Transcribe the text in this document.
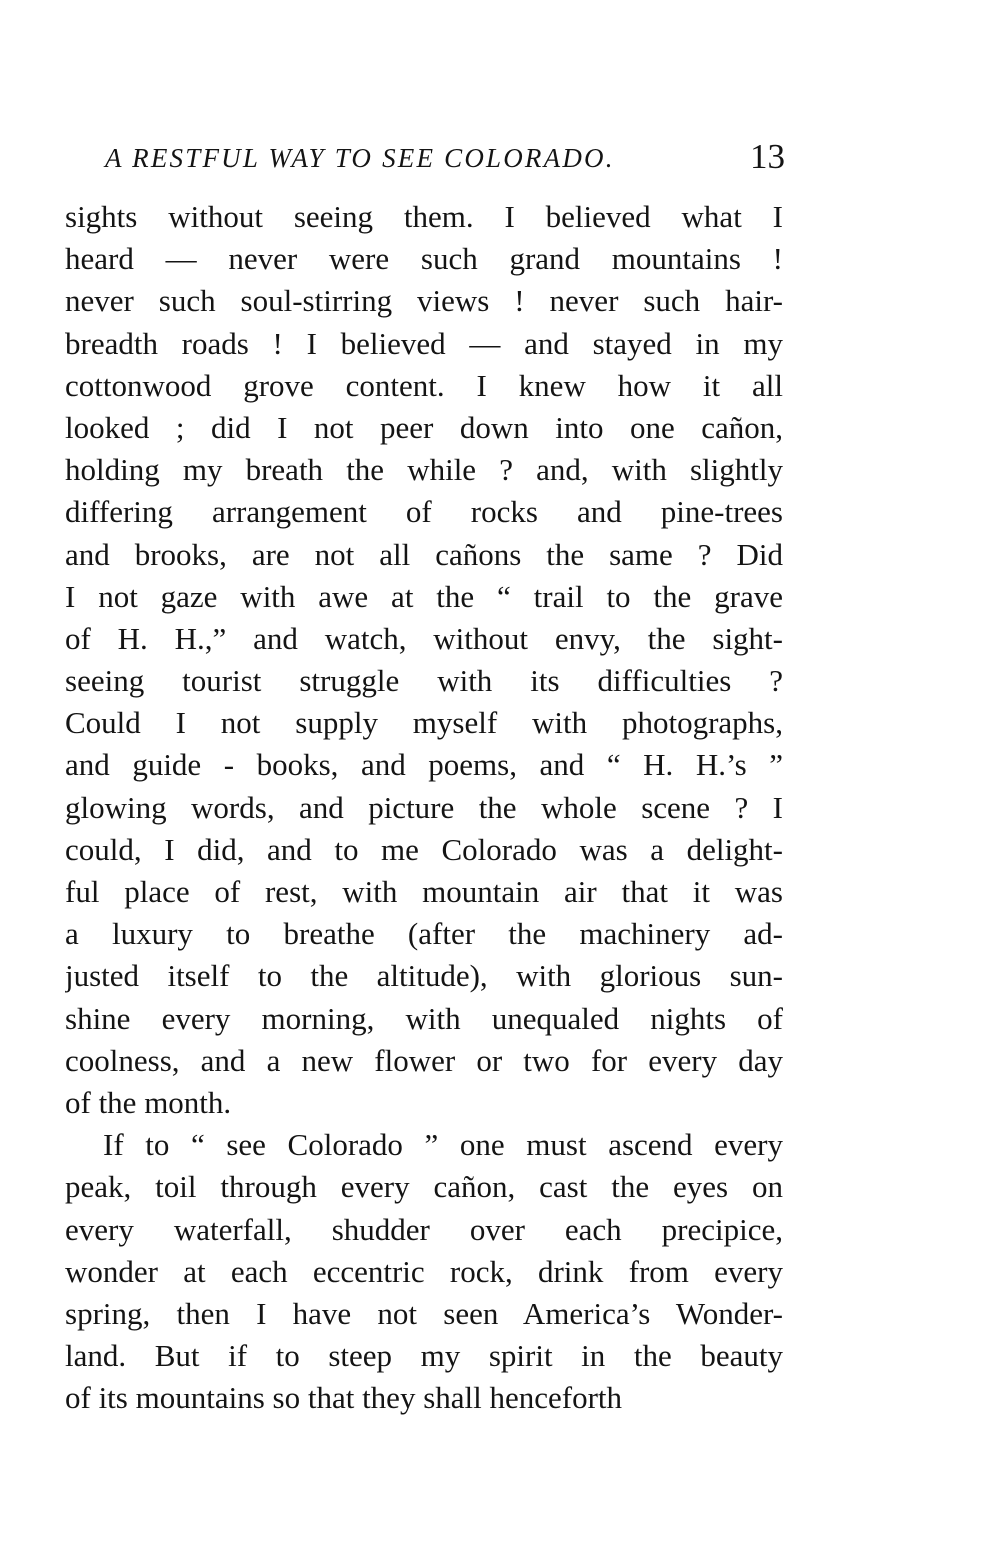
A RESTFUL WAY TO SEE COLORADO.	13
sights without seeing them. I believed what I
heard — never were such grand mountains !
never such soul-stirring views ! never such hair-
breadth roads ! I believed — and stayed in my
cottonwood grove content. I knew how it all
looked ; did I not peer down into one cañon,
holding my breath the while ? and, with slightly
differing arrangement of rocks and pine-trees
and brooks, are not all cañons the same ? Did
I not gaze with awe at the “ trail to the grave
of H. H.,” and watch, without envy, the sight-
seeing tourist struggle with its difficulties ?
Could I not supply myself with photographs,
and guide - books, and poems, and “ H. H.’s ”
glowing words, and picture the whole scene ? I
could, I did, and to me Colorado was a delight-
ful place of rest, with mountain air that it was
a luxury to breathe (after the machinery ad-
justed itself to the altitude), with glorious sun-
shine every morning, with unequaled nights of
coolness, and a new flower or two for every day
of the month.
If to “ see Colorado ” one must ascend every
peak, toil through every cañon, cast the eyes on
every waterfall, shudder over each precipice,
wonder at each eccentric rock, drink from every
spring, then I have not seen America’s Wonder-
land. But if to steep my spirit in the beauty
of its mountains so that they shall henceforth
